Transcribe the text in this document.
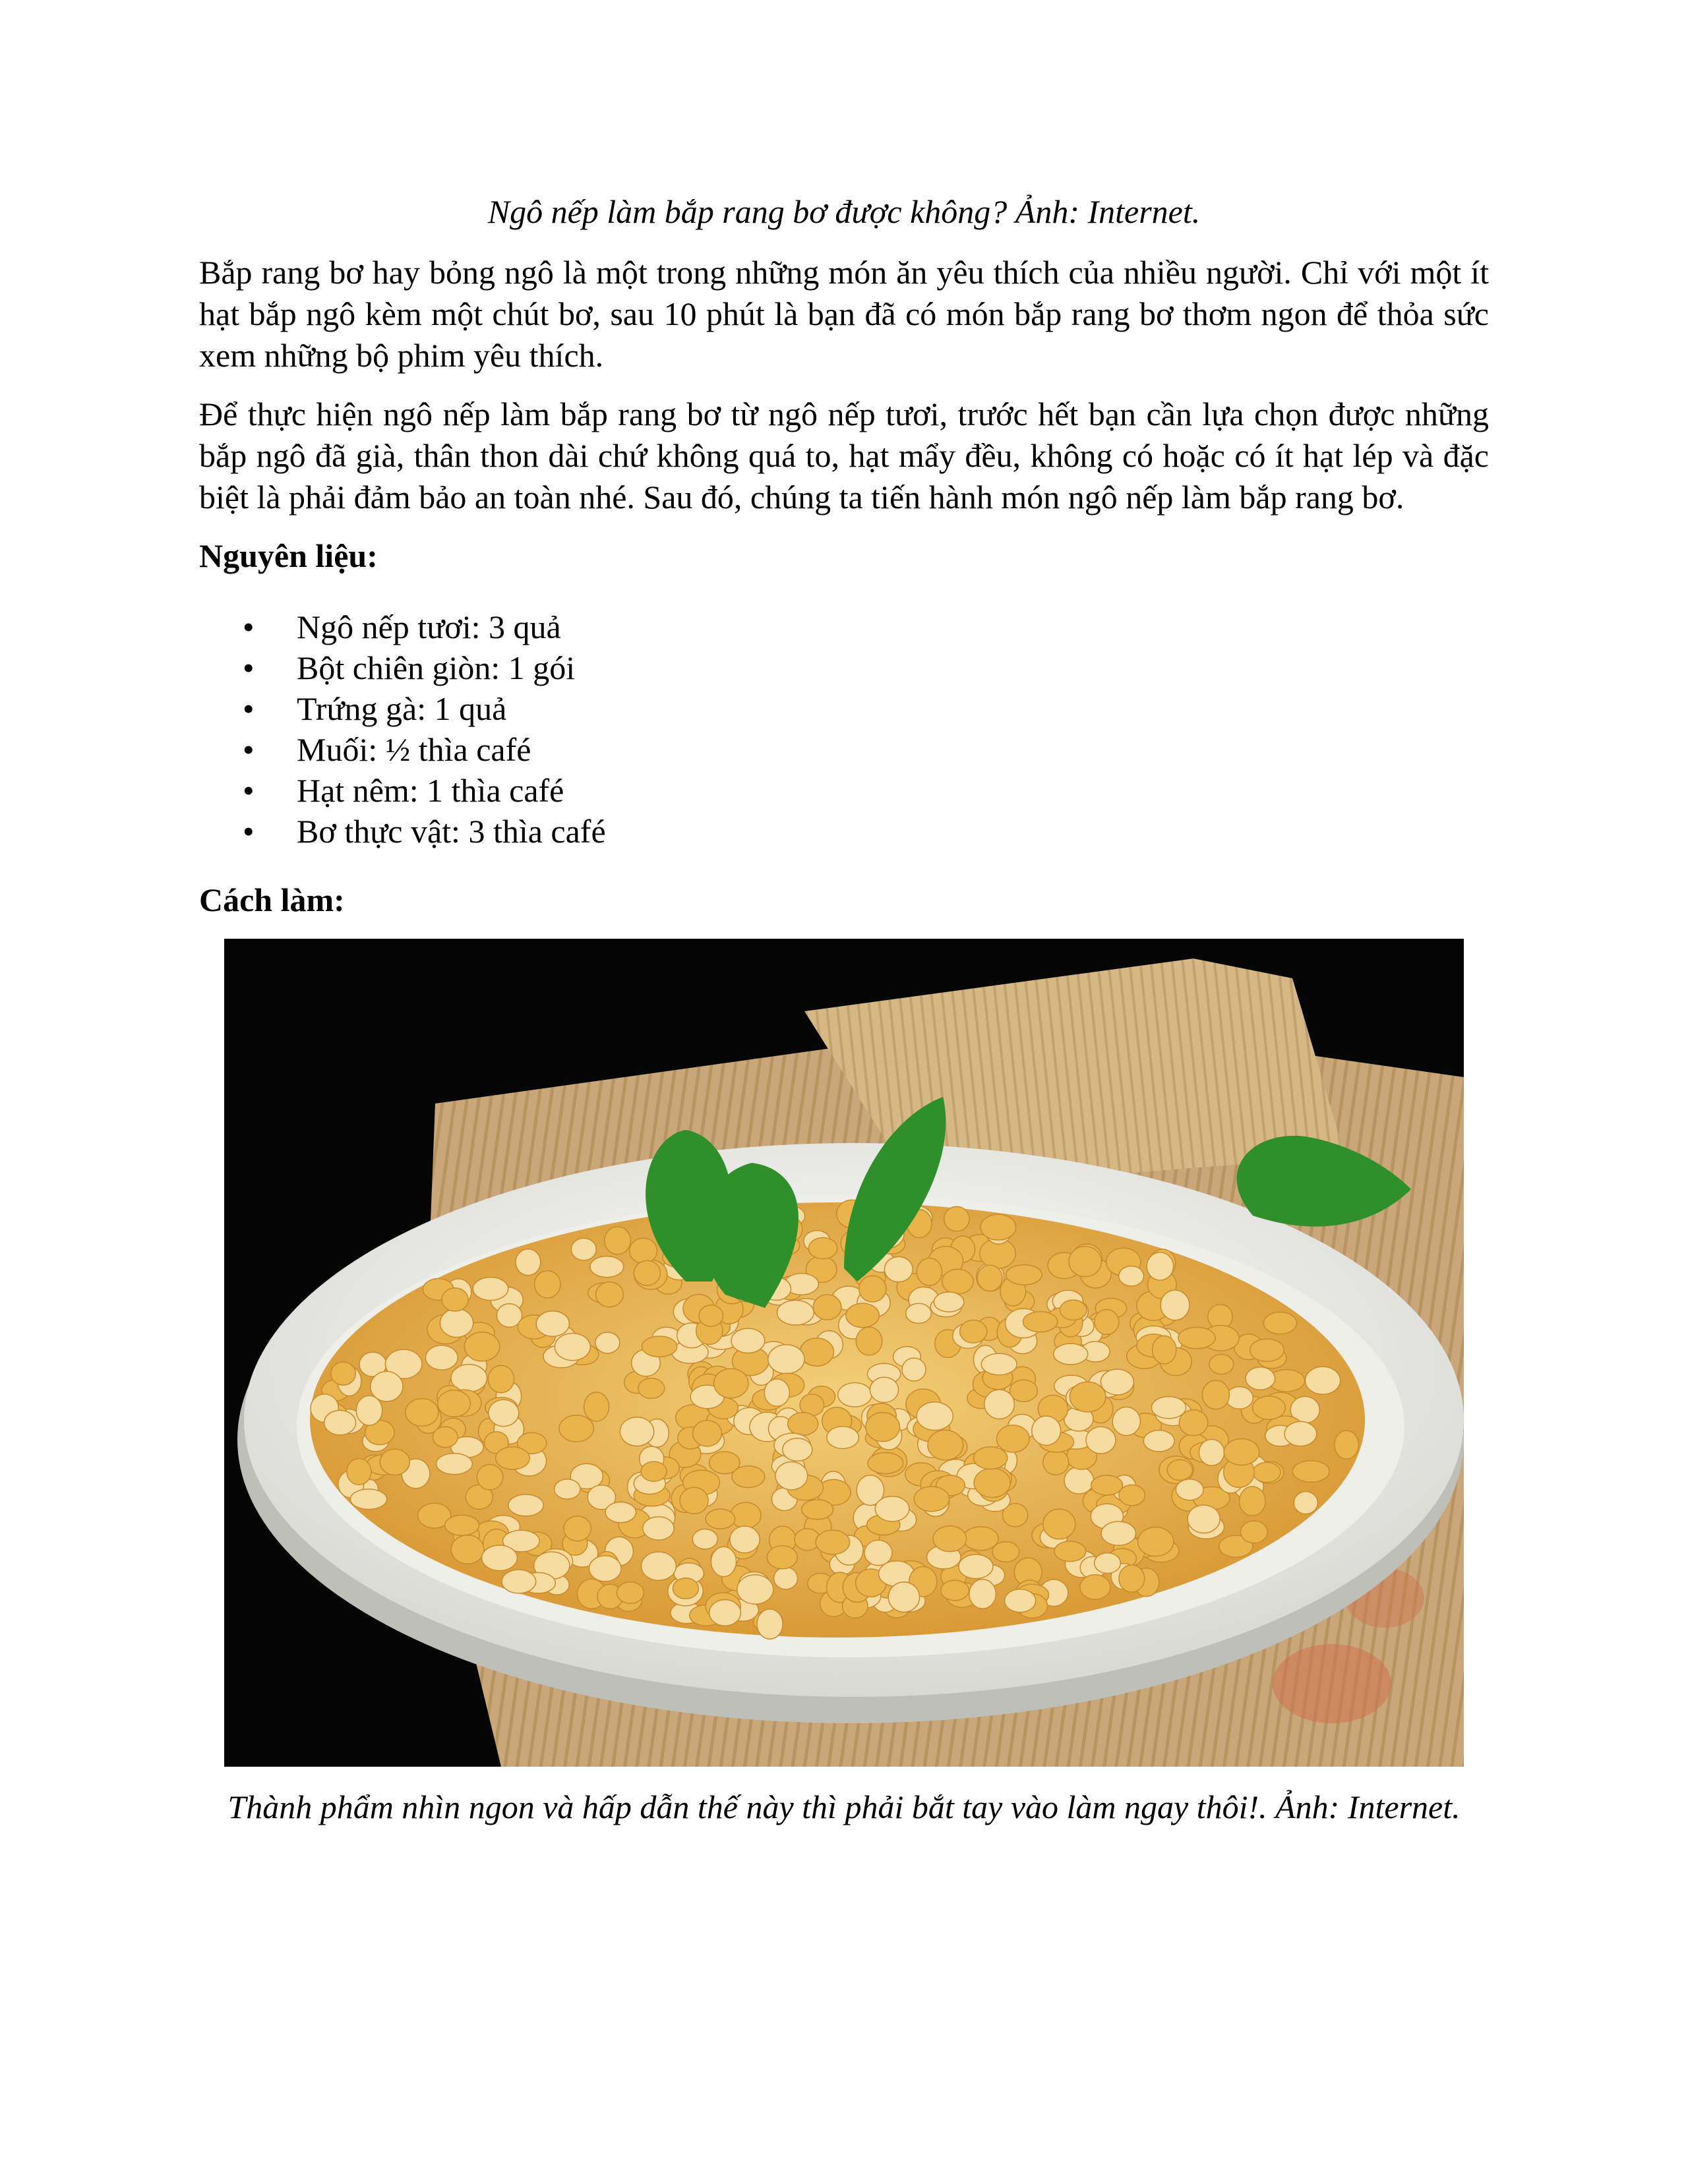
Ngô nếp làm bắp rang bơ được không? Ảnh: Internet.

Bắp rang bơ hay bỏng ngô là một trong những món ăn yêu thích của nhiều người. Chỉ với một ít hạt bắp ngô kèm một chút bơ, sau 10 phút là bạn đã có món bắp rang bơ thơm ngon để thỏa sức xem những bộ phim yêu thích.

Để thực hiện ngô nếp làm bắp rang bơ từ ngô nếp tươi, trước hết bạn cần lựa chọn được những bắp ngô đã già, thân thon dài chứ không quá to, hạt mẩy đều, không có hoặc có ít hạt lép và đặc biệt là phải đảm bảo an toàn nhé. Sau đó, chúng ta tiến hành món ngô nếp làm bắp rang bơ.

Nguyên liệu:

• Ngô nếp tươi: 3 quả
• Bột chiên giòn: 1 gói
• Trứng gà: 1 quả
• Muối: ½ thìa café
• Hạt nêm: 1 thìa café
• Bơ thực vật: 3 thìa café

Cách làm:

Thành phẩm nhìn ngon và hấp dẫn thế này thì phải bắt tay vào làm ngay thôi!. Ảnh: Internet.
